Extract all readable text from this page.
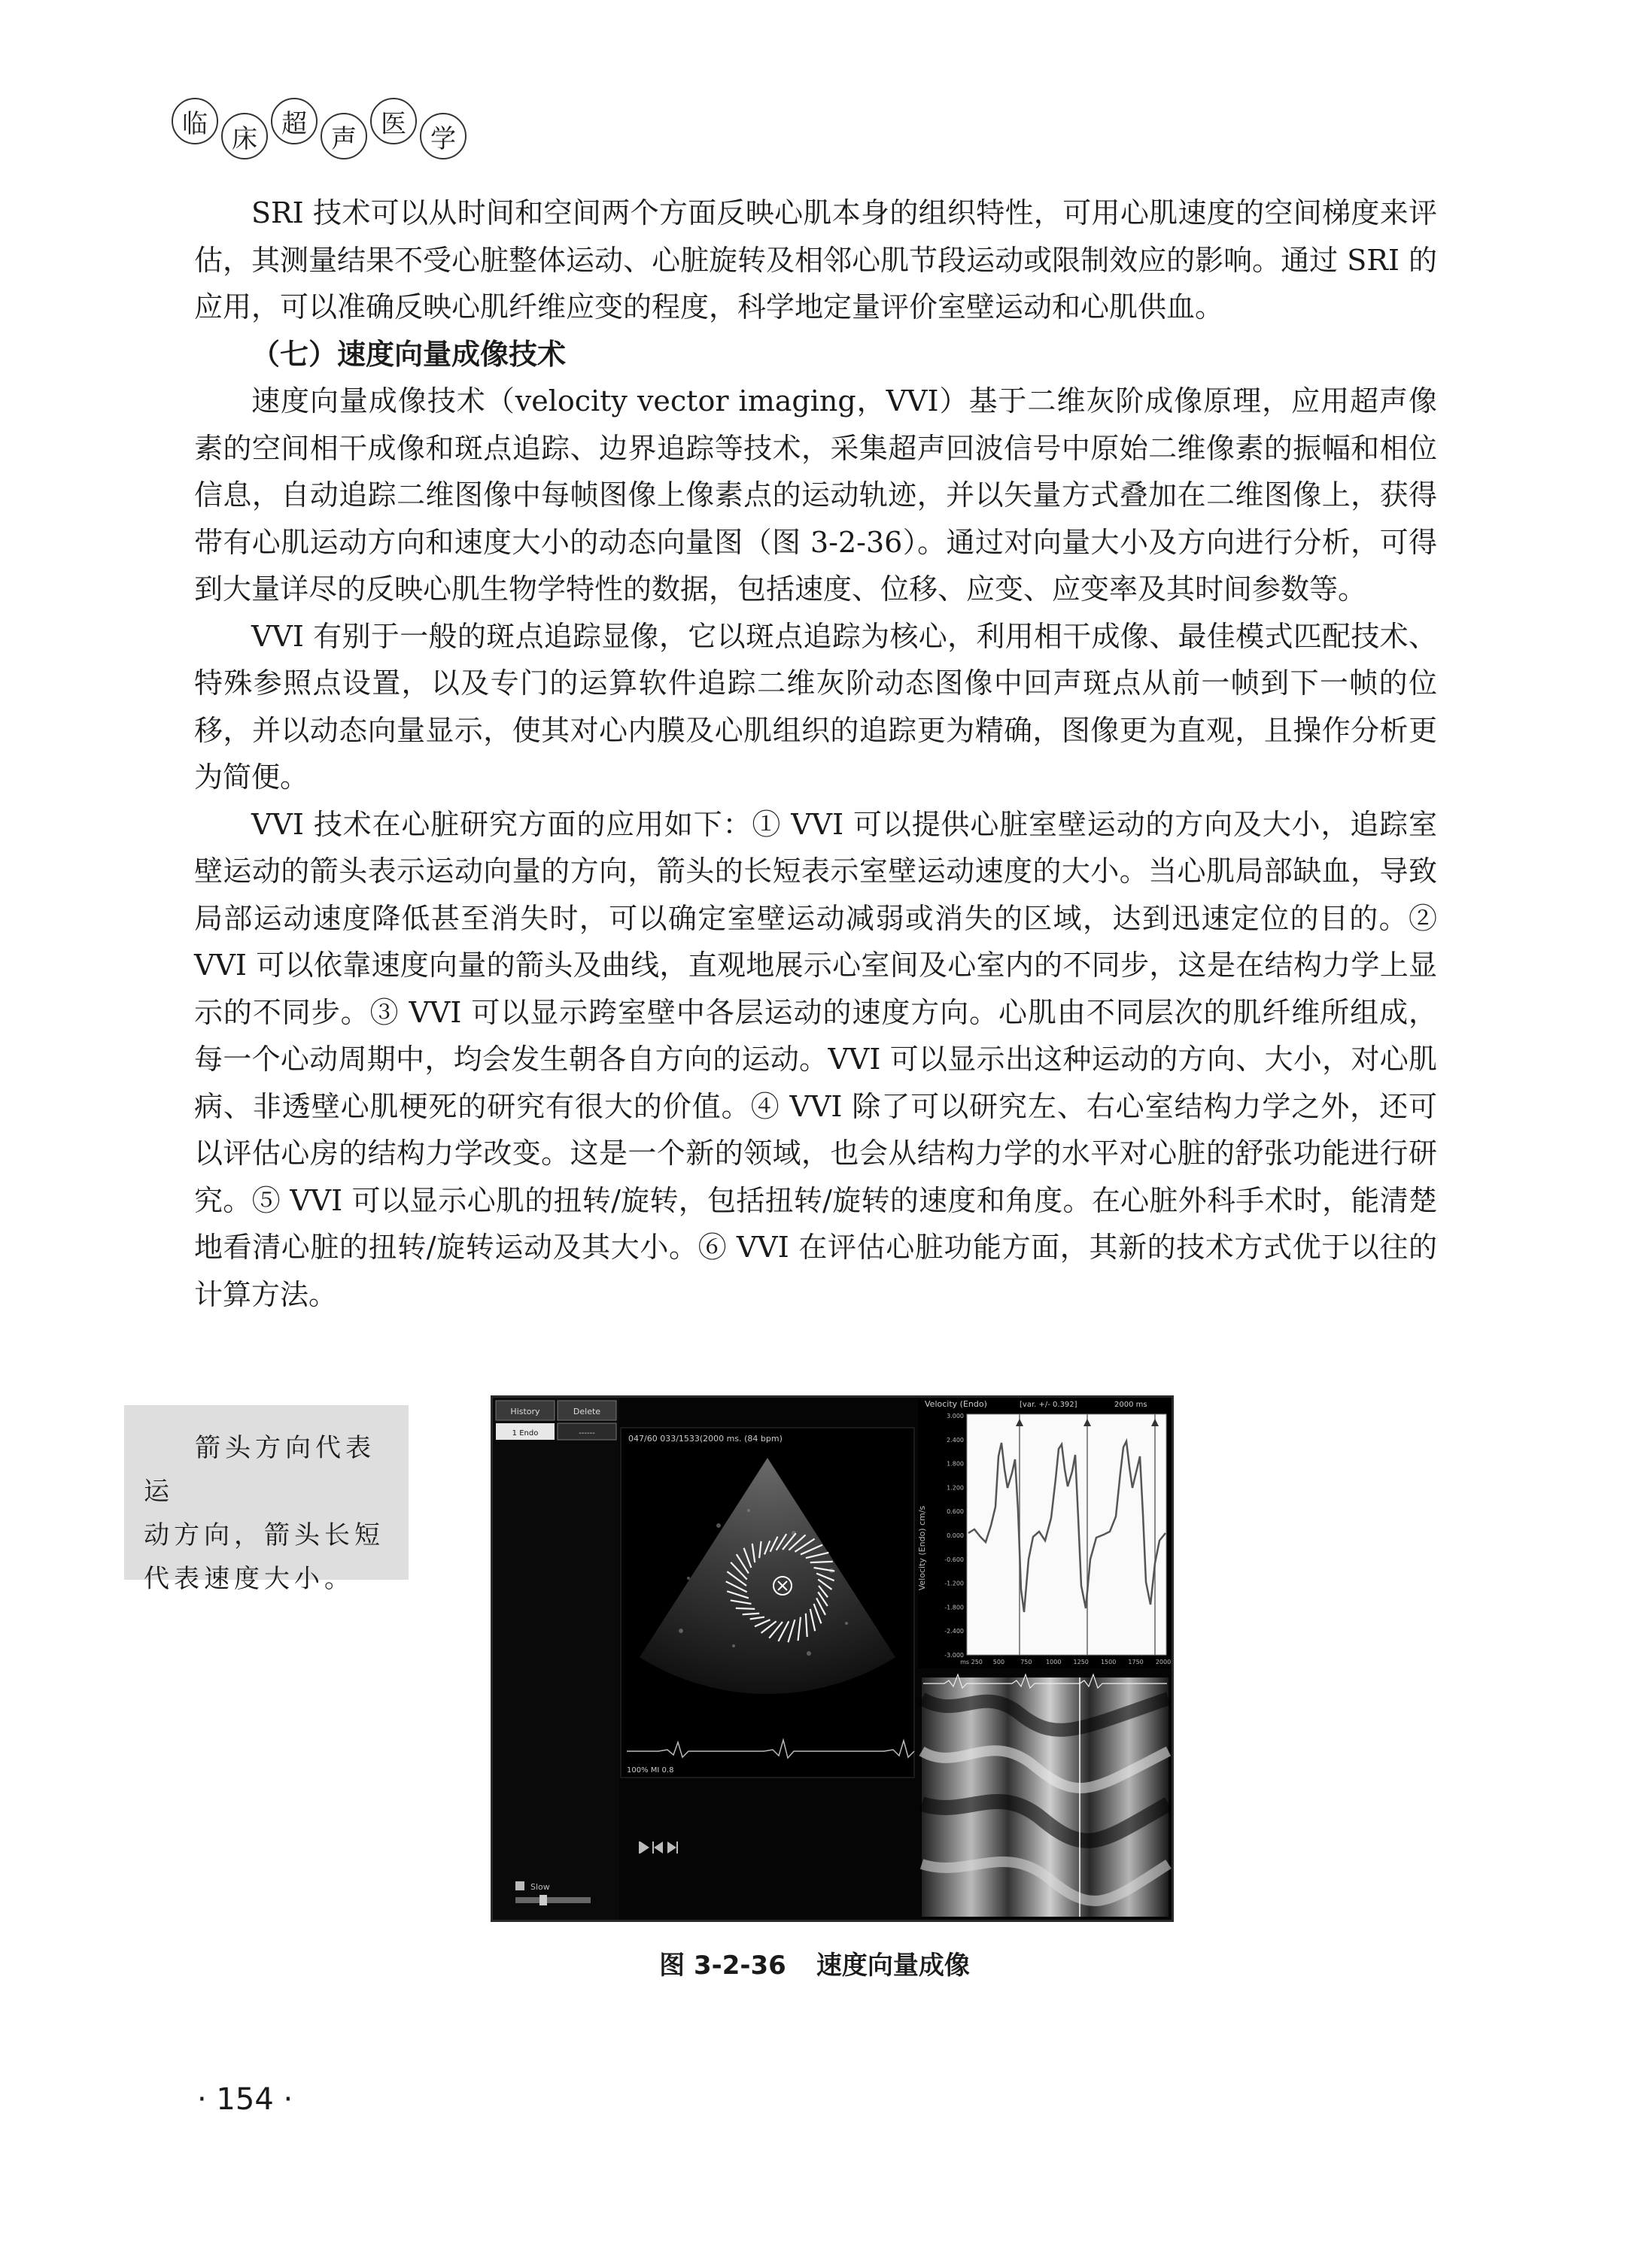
临 床 超 声 医 学

SRI 技术可以从时间和空间两个方面反映心肌本身的组织特性，可用心肌速度的空间梯度来评估，其测量结果不受心脏整体运动、心脏旋转及相邻心肌节段运动或限制效应的影响。通过 SRI 的应用，可以准确反映心肌纤维应变的程度，科学地定量评价室壁运动和心肌供血。

（七）速度向量成像技术

速度向量成像技术（velocity vector imaging，VVI）基于二维灰阶成像原理，应用超声像素的空间相干成像和斑点追踪、边界追踪等技术，采集超声回波信号中原始二维像素的振幅和相位信息，自动追踪二维图像中每帧图像上像素点的运动轨迹，并以矢量方式叠加在二维图像上，获得带有心肌运动方向和速度大小的动态向量图（图 3-2-36）。通过对向量大小及方向进行分析，可得到大量详尽的反映心肌生物学特性的数据，包括速度、位移、应变、应变率及其时间参数等。

VVI 有别于一般的斑点追踪显像，它以斑点追踪为核心，利用相干成像、最佳模式匹配技术、特殊参照点设置，以及专门的运算软件追踪二维灰阶动态图像中回声斑点从前一帧到下一帧的位移，并以动态向量显示，使其对心内膜及心肌组织的追踪更为精确，图像更为直观，且操作分析更为简便。

VVI 技术在心脏研究方面的应用如下：① VVI 可以提供心脏室壁运动的方向及大小，追踪室壁运动的箭头表示运动向量的方向，箭头的长短表示室壁运动速度的大小。当心肌局部缺血，导致局部运动速度降低甚至消失时，可以确定室壁运动减弱或消失的区域，达到迅速定位的目的。② VVI 可以依靠速度向量的箭头及曲线，直观地展示心室间及心室内的不同步，这是在结构力学上显示的不同步。③ VVI 可以显示跨室壁中各层运动的速度方向。心肌由不同层次的肌纤维所组成，每一个心动周期中，均会发生朝各自方向的运动。VVI 可以显示出这种运动的方向、大小，对心肌病、非透壁心肌梗死的研究有很大的价值。④ VVI 除了可以研究左、右心室结构力学之外，还可以评估心房的结构力学改变。这是一个新的领域，也会从结构力学的水平对心脏的舒张功能进行研究。⑤ VVI 可以显示心肌的扭转/旋转，包括扭转/旋转的速度和角度。在心脏外科手术时，能清楚地看清心脏的扭转/旋转运动及其大小。⑥ VVI 在评估心脏功能方面，其新的技术方式优于以往的计算方法。

箭头方向代表运
动方向，箭头长短代表速度大小。
History	Delete
1 Endo	------
Slow
047/60 033/1533(2000 ms. (84 bpm)
100% MI 0.8
Velocity (Endo)	[var. +/- 0.392]	2000 ms
3.000
2.400
1.800
1.200
0.600
0.000
-0.600
-1.200
-1.800
-2.400
-3.000
ms 250 500	750 1000 1250 1500 1750 2000
Velocity (Endo) cm/s
图 3-2-36 速度向量成像
· 154 ·
